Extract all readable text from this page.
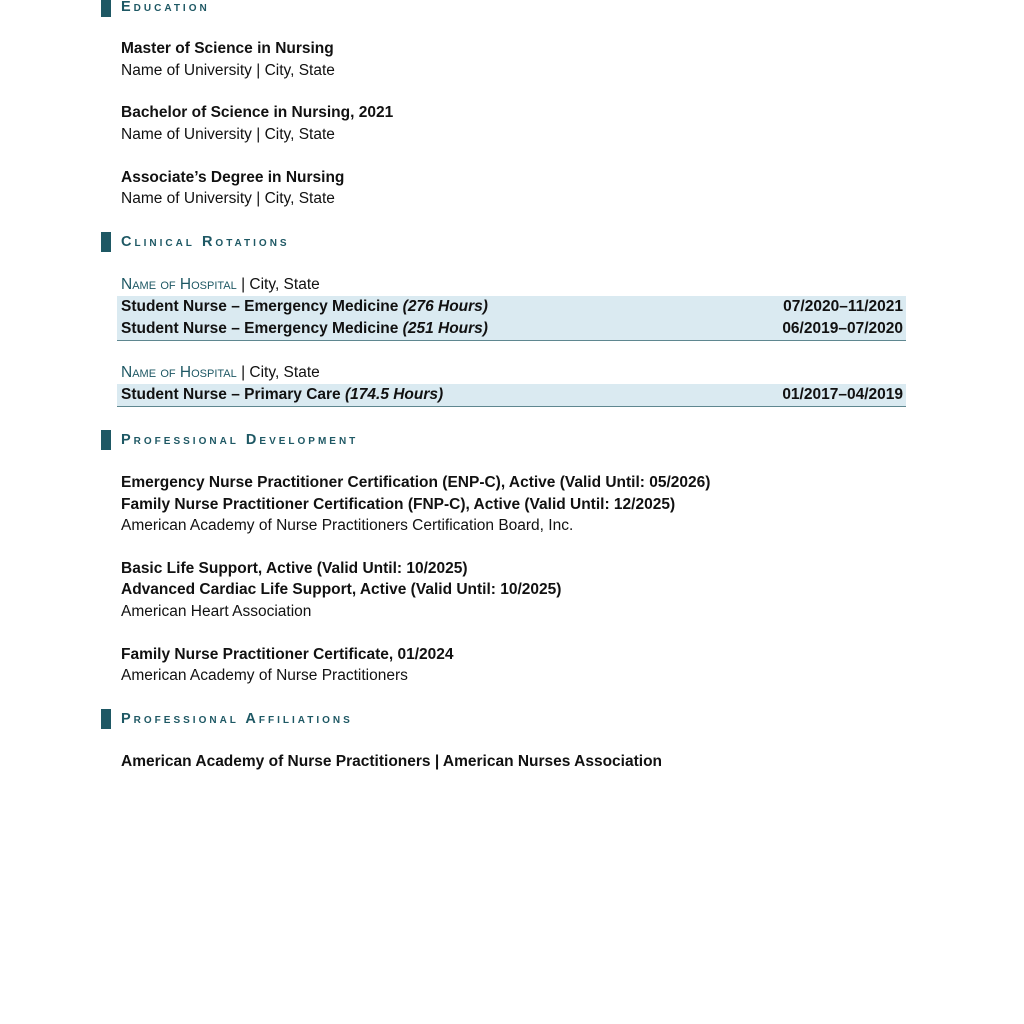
Education
Master of Science in Nursing
Name of University | City, State
Bachelor of Science in Nursing, 2021
Name of University | City, State
Associate’s Degree in Nursing
Name of University | City, State
Clinical Rotations
Name of Hospital | City, State
Student Nurse – Emergency Medicine (276 Hours)	07/2020–11/2021
Student Nurse – Emergency Medicine (251 Hours)	06/2019–07/2020
Name of Hospital | City, State
Student Nurse – Primary Care (174.5 Hours)	01/2017–04/2019
Professional Development
Emergency Nurse Practitioner Certification (ENP-C), Active (Valid Until: 05/2026)
Family Nurse Practitioner Certification (FNP-C), Active (Valid Until: 12/2025)
American Academy of Nurse Practitioners Certification Board, Inc.
Basic Life Support, Active (Valid Until: 10/2025)
Advanced Cardiac Life Support, Active (Valid Until: 10/2025)
American Heart Association
Family Nurse Practitioner Certificate, 01/2024
American Academy of Nurse Practitioners
Professional Affiliations
American Academy of Nurse Practitioners | American Nurses Association
